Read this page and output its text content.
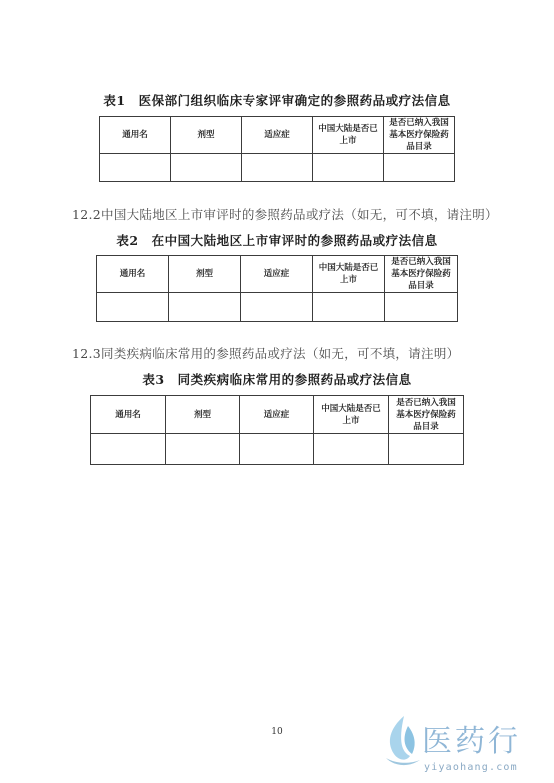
表1　医保部门组织临床专家评审确定的参照药品或疗法信息
通用名	剂型	适应症	中国大陆是否已上市	是否已纳入我国基本医疗保险药品目录

12.2中国大陆地区上市审评时的参照药品或疗法（如无，可不填，请注明）
表2　在中国大陆地区上市审评时的参照药品或疗法信息
通用名	剂型	适应症	中国大陆是否已上市	是否已纳入我国基本医疗保险药品目录

12.3同类疾病临床常用的参照药品或疗法（如无，可不填，请注明）
表3　同类疾病临床常用的参照药品或疗法信息
通用名	剂型	适应症	中国大陆是否已上市	是否已纳入我国基本医疗保险药品目录

10	医药行
yiyaohang.com
